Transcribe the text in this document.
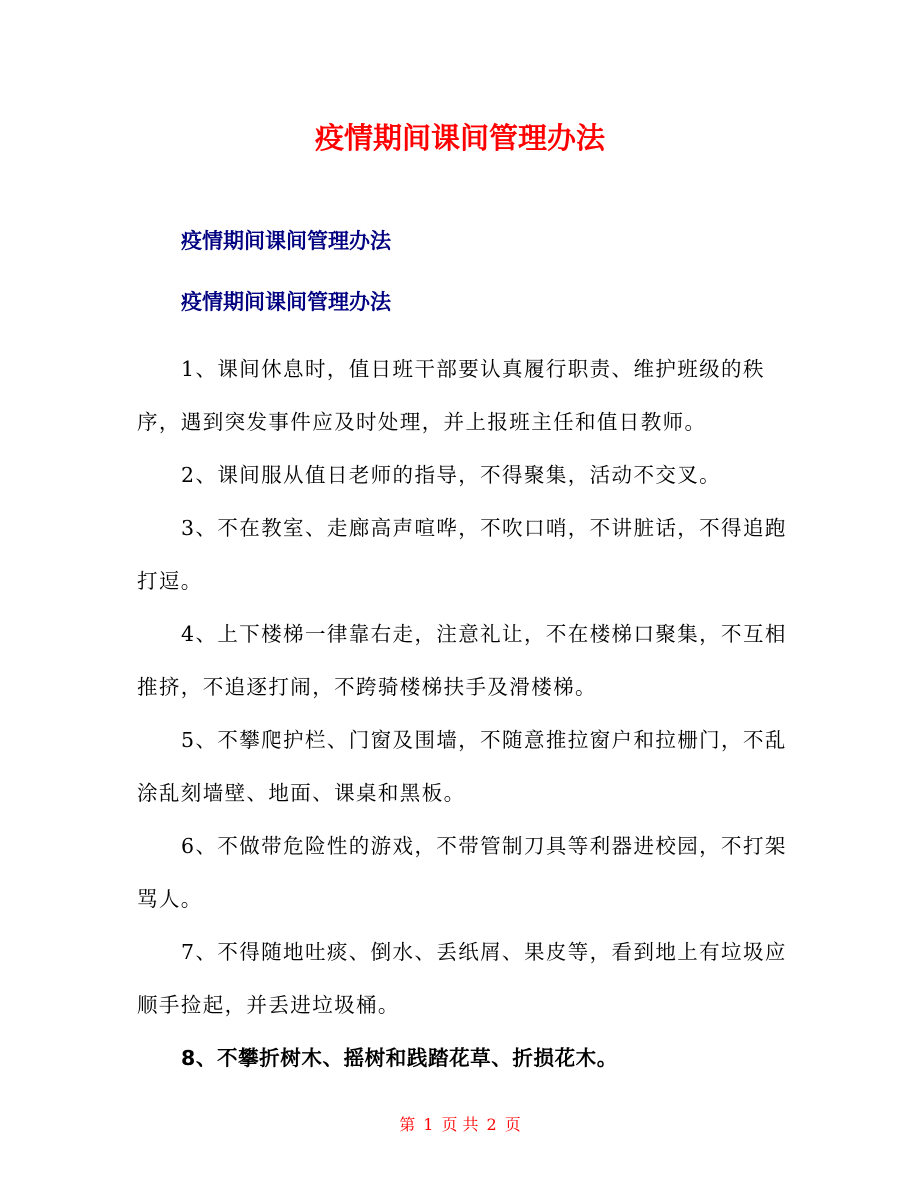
疫情期间课间管理办法
疫情期间课间管理办法
疫情期间课间管理办法

1、课间休息时，值日班干部要认真履行职责、维护班级的秩序，遇到突发事件应及时处理，并上报班主任和值日教师。

2、课间服从值日老师的指导，不得聚集，活动不交叉。

3、不在教室、走廊高声喧哗，不吹口哨，不讲脏话，不得追跑打逗。

4、上下楼梯一律靠右走，注意礼让，不在楼梯口聚集，不互相推挤，不追逐打闹，不跨骑楼梯扶手及滑楼梯。

5、不攀爬护栏、门窗及围墙，不随意推拉窗户和拉栅门，不乱涂乱刻墙壁、地面、课桌和黑板。

6、不做带危险性的游戏，不带管制刀具等利器进校园，不打架骂人。

7、不得随地吐痰、倒水、丢纸屑、果皮等，看到地上有垃圾应顺手捡起，并丢进垃圾桶。

8、不攀折树木、摇树和践踏花草、折损花木。

第 1 页 共 2 页
